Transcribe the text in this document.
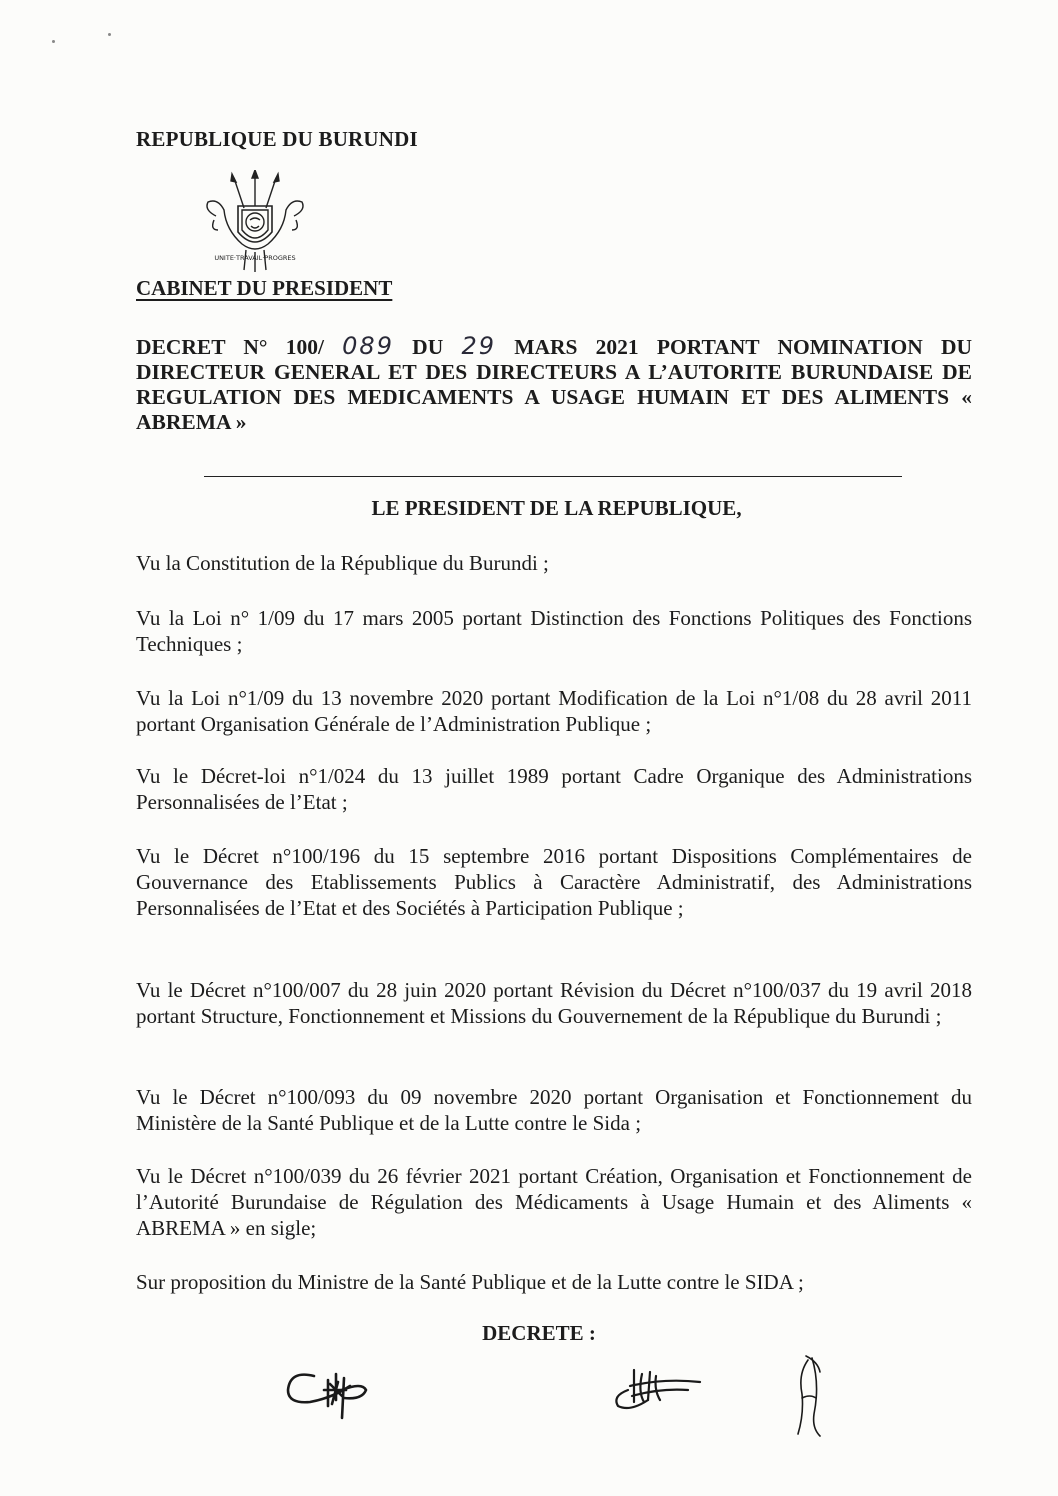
REPUBLIQUE DU BURUNDI
UNITE·TRAVAIL·PROGRES
CABINET DU PRESIDENT
DECRET N° 100/ 089 DU 29 MARS 2021 PORTANT NOMINATION DU DIRECTEUR GENERAL ET DES DIRECTEURS A L’AUTORITE BURUNDAISE DE REGULATION DES MEDICAMENTS A USAGE HUMAIN ET DES ALIMENTS « ABREMA »
LE PRESIDENT DE LA REPUBLIQUE,
Vu la Constitution de la République du Burundi ;
Vu la Loi n° 1/09 du 17 mars 2005 portant Distinction des Fonctions Politiques des Fonctions Techniques ;
Vu la Loi n°1/09 du 13 novembre 2020 portant Modification de la Loi n°1/08 du 28 avril 2011 portant Organisation Générale de l’Administration Publique ;
Vu le Décret-loi n°1/024 du 13 juillet 1989 portant Cadre Organique des Administrations Personnalisées de l’Etat ;
Vu le Décret n°100/196 du 15 septembre 2016 portant Dispositions Complémentaires de Gouvernance des Etablissements Publics à Caractère Administratif, des Administrations Personnalisées de l’Etat et des Sociétés à Participation Publique ;
Vu le Décret n°100/007 du 28 juin 2020 portant Révision du Décret n°100/037 du 19 avril 2018 portant Structure, Fonctionnement et Missions du Gouvernement de la République du Burundi ;
Vu le Décret n°100/093 du 09 novembre 2020 portant Organisation et Fonctionnement du Ministère de la Santé Publique et de la Lutte contre le Sida ;
Vu le Décret n°100/039 du 26 février 2021 portant Création, Organisation et Fonctionnement de l’Autorité Burundaise de Régulation des Médicaments à Usage Humain et des Aliments « ABREMA » en sigle;
Sur proposition du Ministre de la Santé Publique et de la Lutte contre le SIDA ;
DECRETE :
